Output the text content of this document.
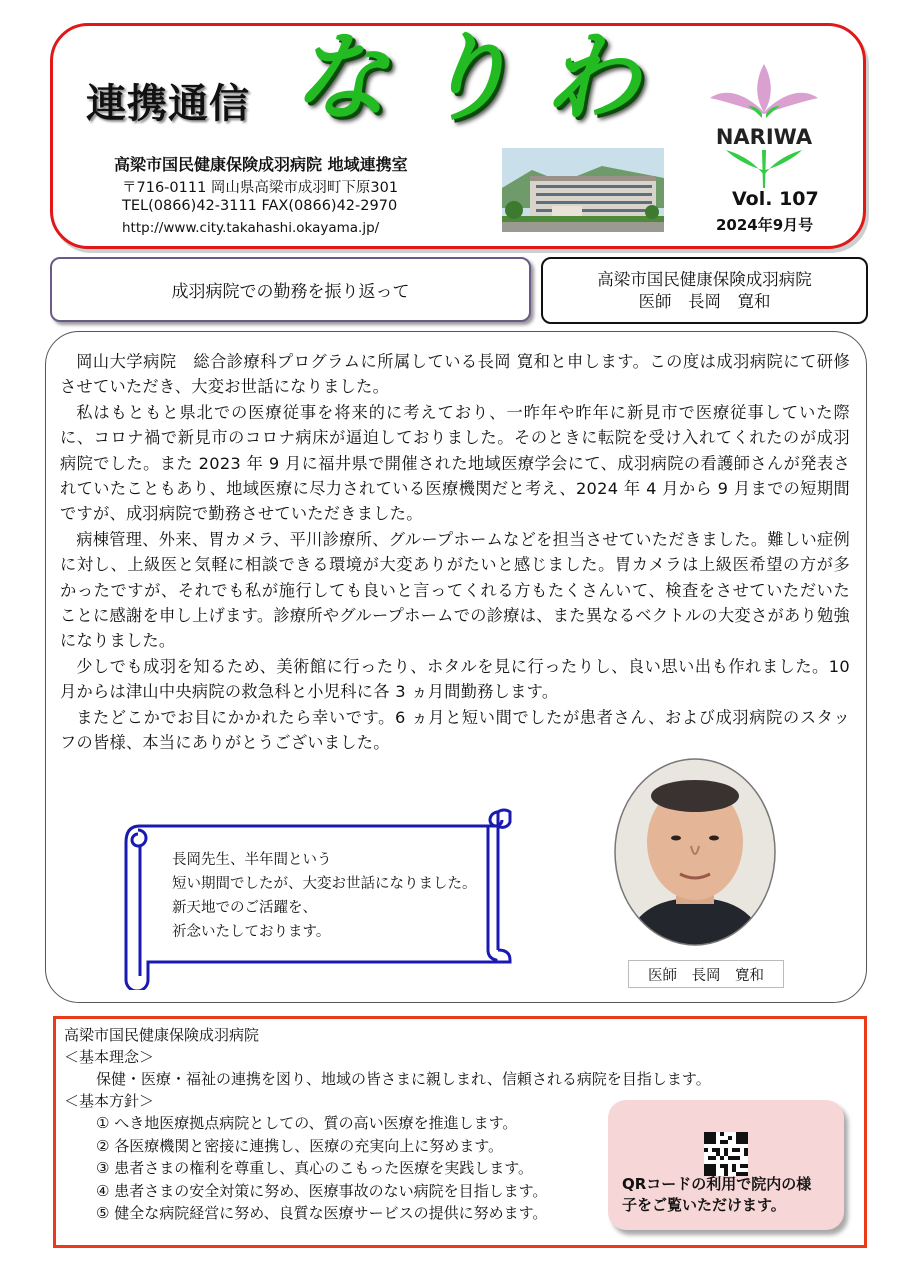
連携通信 なりわ
高梁市国民健康保険成羽病院 地域連携室
〒716-0111 岡山県高梁市成羽町下原301
TEL(0866)42-3111 FAX(0866)42-2970
http://www.city.takahashi.okayama.jp/
NARIWA
Vol. 107
2024年9月号
成羽病院での勤務を振り返って
高梁市国民健康保険成羽病院
医師　長岡　寛和

岡山大学病院　総合診療科プログラムに所属している長岡 寛和と申します。この度は成羽病院にて研修させていただき、大変お世話になりました。

私はもともと県北での医療従事を将来的に考えており、一昨年や昨年に新見市で医療従事していた際に、コロナ禍で新見市のコロナ病床が逼迫しておりました。そのときに転院を受け入れてくれたのが成羽病院でした。また 2023 年 9 月に福井県で開催された地域医療学会にて、成羽病院の看護師さんが発表されていたこともあり、地域医療に尽力されている医療機関だと考え、2024 年 4 月から 9 月までの短期間ですが、成羽病院で勤務させていただきました。

病棟管理、外来、胃カメラ、平川診療所、グループホームなどを担当させていただきました。難しい症例に対し、上級医と気軽に相談できる環境が大変ありがたいと感じました。胃カメラは上級医希望の方が多かったですが、それでも私が施行しても良いと言ってくれる方もたくさんいて、検査をさせていただいたことに感謝を申し上げます。診療所やグループホームでの診療は、また異なるベクトルの大変さがあり勉強になりました。

少しでも成羽を知るため、美術館に行ったり、ホタルを見に行ったりし、良い思い出も作れました。10 月からは津山中央病院の救急科と小児科に各 3 ヵ月間勤務します。

またどこかでお目にかかれたら幸いです。6 ヵ月と短い間でしたが患者さん、および成羽病院のスタッフの皆様、本当にありがとうございました。

長岡先生、半年間という
短い期間でしたが、大変お世話になりました。
新天地でのご活躍を、
祈念いたしております。
医師　長岡　寛和
高梁市国民健康保険成羽病院
＜基本理念＞
保健・医療・福祉の連携を図り、地域の皆さまに親しまれ、信頼される病院を目指します。
＜基本方針＞
① へき地医療拠点病院としての、質の高い医療を推進します。
② 各医療機関と密接に連携し、医療の充実向上に努めます。
③ 患者さまの権利を尊重し、真心のこもった医療を実践します。
④ 患者さまの安全対策に努め、医療事故のない病院を目指します。
⑤ 健全な病院経営に努め、良質な医療サービスの提供に努めます。
QRコードの利用で院内の様
子をご覧いただけます。
